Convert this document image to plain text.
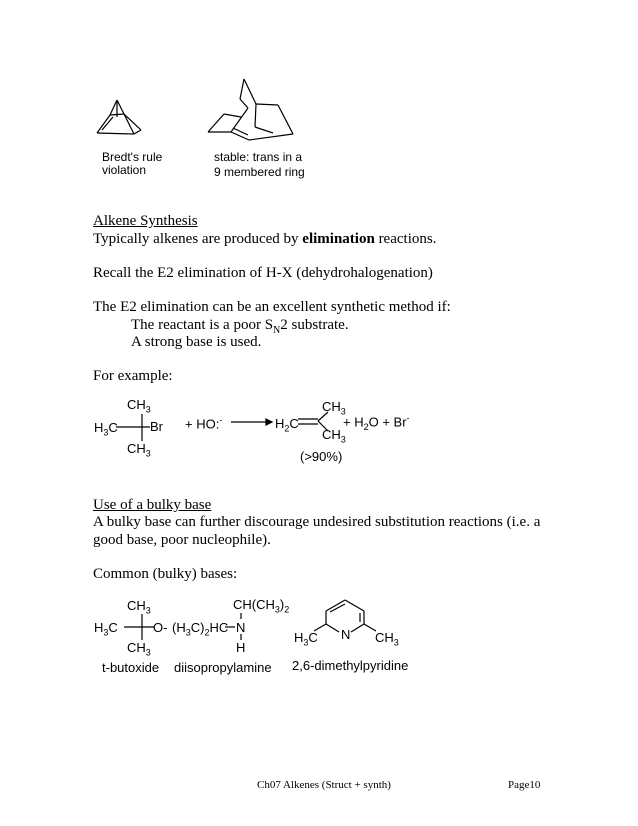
Bredt's rule
violation
stable: trans in a
9 membered ring
Alkene Synthesis
Typically alkenes are produced by elimination reactions.
Recall the E2 elimination of H-X (dehydrohalogenation)
The E2 elimination can be an excellent synthetic method if:
The reactant is a poor $S_N2$ substrate.
A strong base is used.
For example:
$CH_3$
$H_3C$ Br
$CH_3$
+ HO:-	$H_2C$
$CH_3$
$CH_3$
+ $H_2O + Br^-$
(>90%)
Use of a bulky base
A bulky base can further discourage undesired substitution reactions (i.e. a
good base, poor nucleophile).
Common (bulky) bases:
$CH_3$
$H_3C$	O-
$CH_3$
$CH(CH_3)_2$
$(H_3C)_2HC$ N
H
$H_3C$ N $CH_3$
t-butoxide diisopropylamine 2,6-dimethylpyridine
Ch07 Alkenes (Struct + synth)	Page10
